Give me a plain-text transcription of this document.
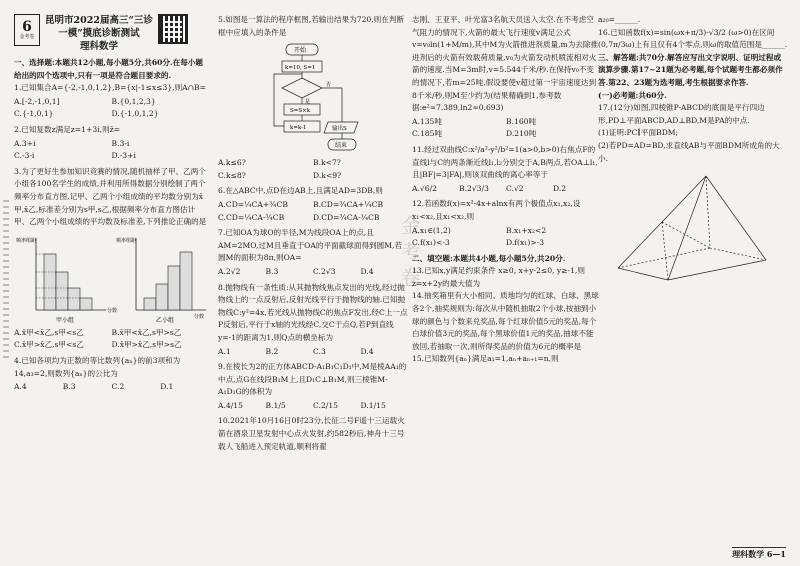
6
金考卷
昆明市2022届高三“三诊
一模”摸底诊断测试
理科数学

一、选择题:本题共12小题,每小题5分,共60分.在每小题给出的四个选项中,只有一项是符合题目要求的.

1.已知集合A={-2,-1,0,1,2},B={x|-1≤x≤3},则A∩B=

A.[-2,-1,0,1]	B.{0,1,2,3}
C.{-1,0,1}	D.{-1,0,1,2}

2.已知复数z满足z=1+3i,则z̄=

A.3+i	B.3-i
C.-3-i	D.-3+i

3.为了更好生参加知识竞赛的情况,随机抽样了甲、乙两个小组各100名学生的成绩,并利用所得数据分别绘制了两个频率分布直方图,记甲、乙两个小组成绩的平均数分别为x̄甲,x̄乙,标准差分别为s甲,s乙,根据频率分布直方图估计甲、乙两个小组成绩的平均数及标准差,下列推论正确的是

频率组距
分数
甲小组
频率组距
分数
乙小组
A.x̄甲<x̄乙,s甲<s乙	B.x̄甲<x̄乙,s甲>s乙
C.x̄甲>x̄乙,s甲<s乙	D.x̄甲>x̄乙,s甲>s乙

4.已知各项均为正数的等比数列{aₙ}的前3项和为14,a₃=2,则数列{aₙ}的公比为

A.4	B.3	C.2	D.1

5.如图是一算法的程序框图,若输出结果为720,则在判断框中应填入的条件是

开始
k=10, S=1
是
S=S×k
k=k-1
否
输出S
结束
A.k≤6?	B.k<7?
C.k≤8?	D.k<9?

6.在△ABC中,点D在边AB上,且满足AD=3DB,则

A.CD=¼CA+¾CB	B.CD=¾CA+¼CB
C.CD=¼CA-¾CB	D.CD=¾CA-¼CB

7.已知OA为球O的半径,M为线段OA上的点,且AM=2MO,过M且垂直于OA的平面截球面得到圆M,若圆M的面积为8π,则OA=

A.2√2	B.3	C.2√3	D.4

8.抛物线有一条性质:从其抛物线焦点发出的光线,经过抛物线上的一点反射后,反射光线平行于抛物线的轴.已知抛物线C:y²=4x,若光线从抛物线C的焦点F发出,经C上一点P反射后,平行于x轴的光线经C,交C于点Q,若P到直线y=-1的距离为1,则Q点的横坐标为

A.1	B.2	C.3	D.4

9.在棱长为2的正方体ABCD-A₁B₁C₁D₁中,M是棱AA₁的中点,点G在线段B₁M上,且D₁C⊥B₁M,则三棱锥M-A₁D₁G的体积为

A.4/15	B.1/5	C.2/15	D.1/15

10.2021年10月16日0时23分,长征二号F遥十三运载火箭在酒泉卫星发射中心点火发射,约582秒后,神舟十三号载人飞船进入预定轨道,顺利将翟

金考卷

志刚、王亚平、叶光富3名航天员送入太空.在不考虑空气阻力的情况下,火箭的最大飞行速度v满足公式v=v₀ln(1+M/m),其中M为火箭推进剂质量,m为去除推进剂后的火箭有效载荷质量,v₀为火箭发动机喷流相对火箭的速度.当M=3m时,v=5.544千米/秒.在保持v₀不变的情况下,若m=25吨,假设要使v超过第一宇宙速度达到8千米/秒,则M至少约为(结果精确到1,参考数据:e²≈7.389,ln2≈0.693)

A.135吨	B.160吨
C.185吨	D.210吨

11.经过双曲线C:x²/a²-y²/b²=1(a>0,b>0)右焦点F的直线l与C的两条渐近线l₁,l₂分别交于A,B两点,若OA⊥l₁,且|BF|=3|FA|,则该双曲线的离心率等于

A.√6/2	B.2√3/3	C.√2	D.2

12.若函数f(x)=x²-4x+alnx有两个极值点x₁,x₂,设x₁<x₂,且x₁<x₂,则

A.x₁∈(1,2)	B.x₁+x₂<2
C.f(x₁)<-3	D.f(x₁)>-3

二、填空题:本题共4小题,每小题5分,共20分.

13.已知x,y满足约束条件 x≥0, x+y-2≤0, y≥-1,则z=x+2y的最大值为

14.抽奖箱里有大小相同、质地均匀的红球、白球、黑球各2个,抽奖规则为:每次从中随机抽取2个小球,按抽到小球的颜色与个数来兑奖品,每个红球价值5元的奖品,每个白球价值3元的奖品,每个黑球价值1元的奖品,抽球不能放回,若抽取一次,则所得奖品的价值为6元的概率是

15.已知数列{aₙ}满足a₁=1,aₙ+aₙ₊₁=n,则

a₂₀=______.

16.已知函数f(x)=sin(ωx+π/3)-√3/2 (ω>0)在区间(0,7π/3ω)上有且仅有4个零点,则ω的取值范围是______.

三、解答题:共70分.解答应写出文字说明、证明过程或演算步骤.第17~21题为必考题,每个试题考生都必须作答.第22、23题为选考题,考生根据要求作答.

(一)必考题:共60分.

17.(12分)如图,四棱锥P-ABCD的底面是平行四边形,PD⊥平面ABCD,AD⊥BD,M是PA的中点.

(1)证明:PC∥平面BDM;

(2)若PD=AD=BD,求直线AB与平面BDM所成角的大小.

理科数学 6—1
